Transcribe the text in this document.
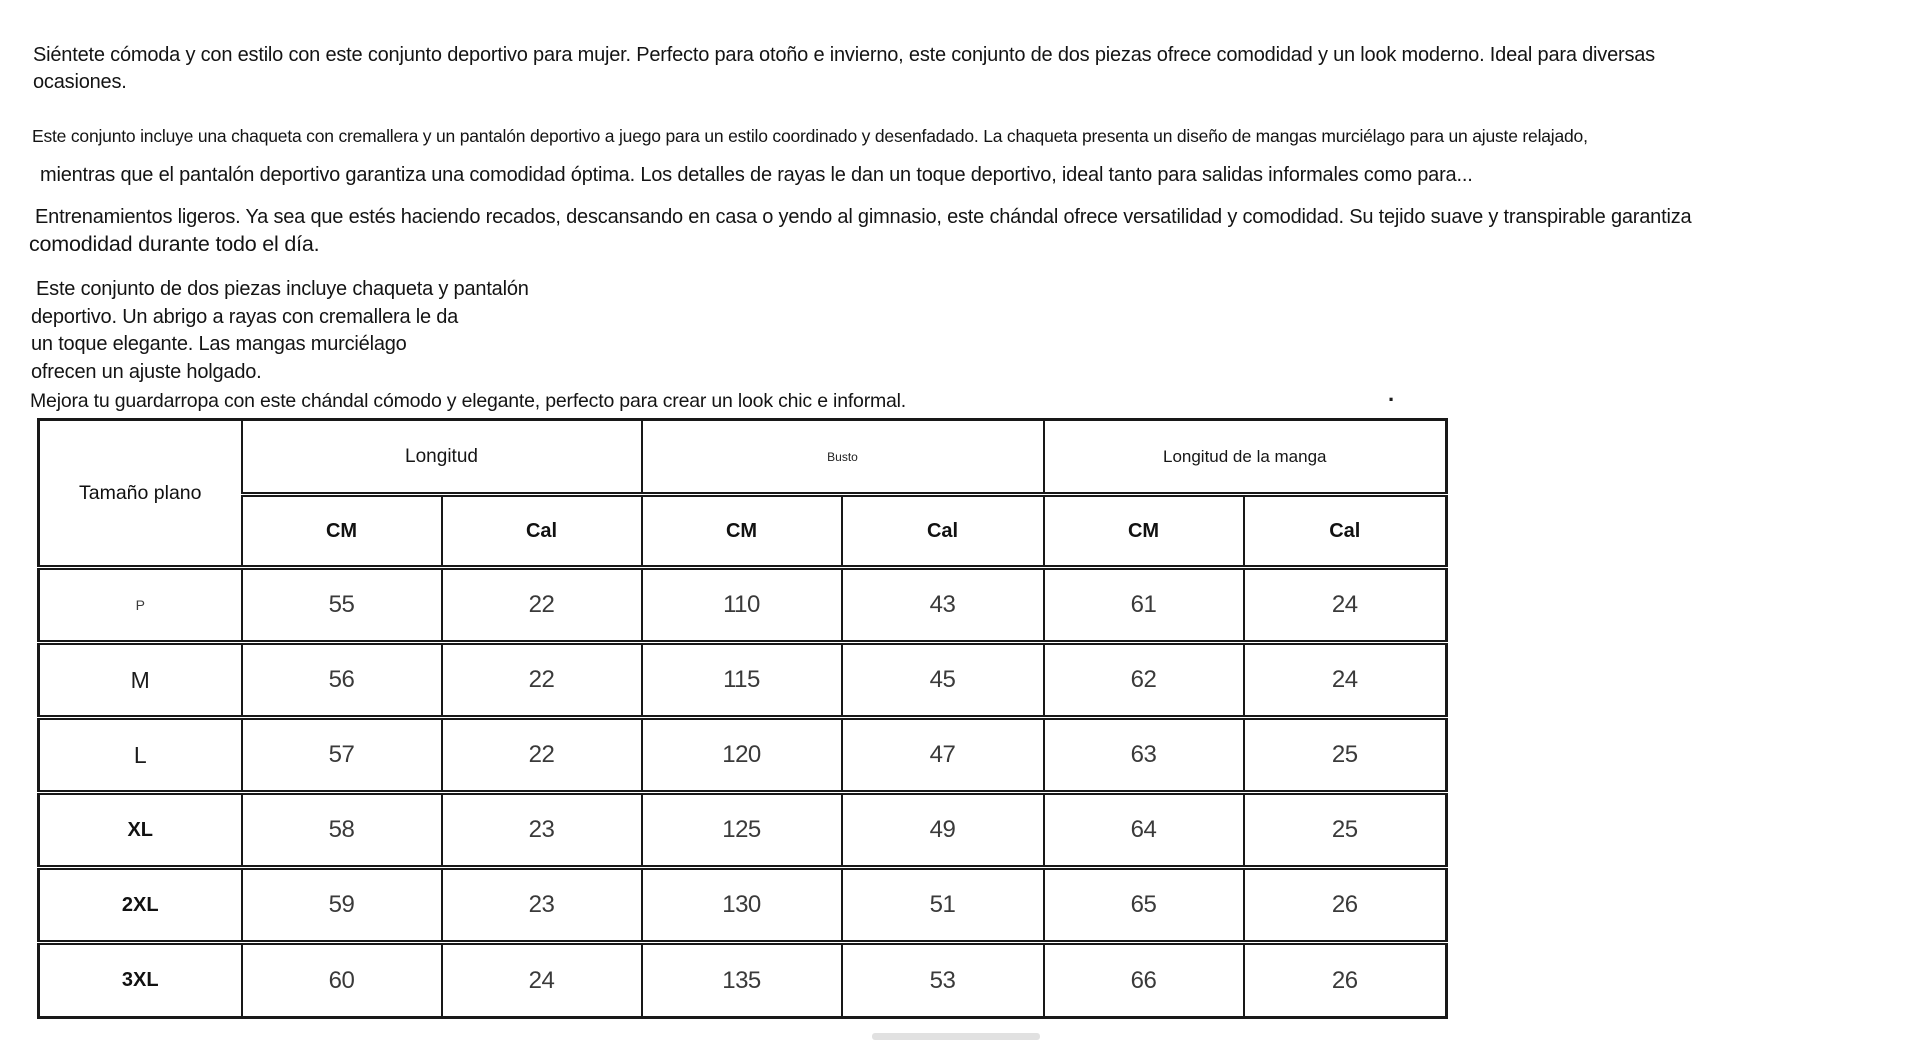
Siéntete cómoda y con estilo con este conjunto deportivo para mujer. Perfecto para otoño e invierno, este conjunto de dos piezas ofrece comodidad y un look moderno. Ideal para diversas
ocasiones.
Este conjunto incluye una chaqueta con cremallera y un pantalón deportivo a juego para un estilo coordinado y desenfadado. La chaqueta presenta un diseño de mangas murciélago para un ajuste relajado,
mientras que el pantalón deportivo garantiza una comodidad óptima. Los detalles de rayas le dan un toque deportivo, ideal tanto para salidas informales como para...
Entrenamientos ligeros. Ya sea que estés haciendo recados, descansando en casa o yendo al gimnasio, este chándal ofrece versatilidad y comodidad. Su tejido suave y transpirable garantiza
comodidad durante todo el día.
Este conjunto de dos piezas incluye chaqueta y pantalón
deportivo. Un abrigo a rayas con cremallera le da
un toque elegante. Las mangas murciélago
ofrecen un ajuste holgado.
Mejora tu guardarropa con este chándal cómodo y elegante, perfecto para crear un look chic e informal.	.
Tamaño plano	Longitud		Busto		Longitud de la manga	
	CM	Cal	CM	Cal	CM	Cal
P	55	22	110	43	61	24
M	56	22	115	45	62	24
L	57	22	120	47	63	25
XL	58	23	125	49	64	25
2XL	59	23	130	51	65	26
3XL	60	24	135	53	66	26
